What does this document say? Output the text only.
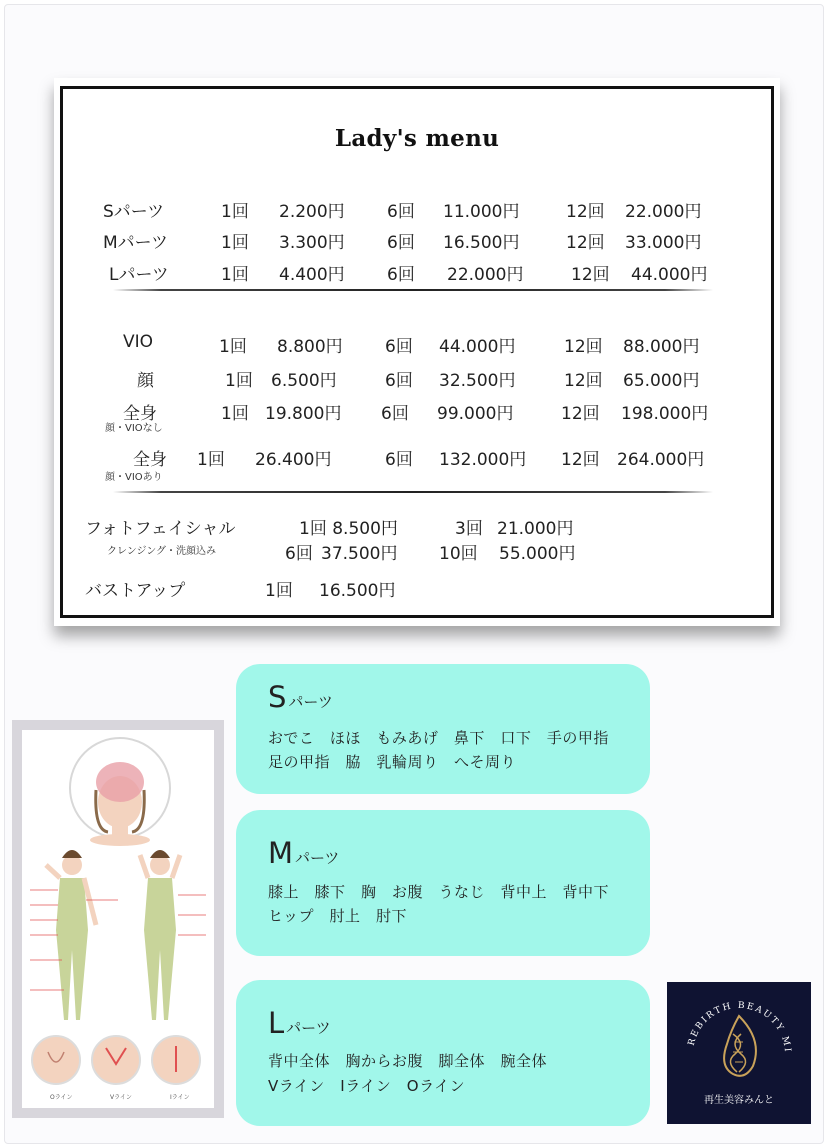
Lady's menu
Sパーツ	1回 2.200円 6回 11.000円	12回 22.000円
Mパーツ	1回 3.300円 6回 16.500円	12回 33.000円
Lパーツ	1回 4.400円 6回 22.000円	12回 44.000円
VIO	1回 8.800円 6回 44.000円	12回 88.000円
顔	1回 6.500円	6回 32.500円	12回 65.000円
全身	1回 19.800円 6回 99.000円	12回 198.000円
顔・VIOなし
全身 1回 26.400円	6回 132.000円 12回 264.000円
顔・VIOあり
フォトフェイシャル	1回 8.500円	3回 21.000円
クレンジング・洗顔込み	6回 37.500円 10回 55.000円
バストアップ	1回 16.500円
Sパーツ
おでこ　ほほ　もみあげ　鼻下　口下　手の甲指
足の甲指　脇　乳輪周り　へそ周り
Mパーツ
膝上　膝下　胸　お腹　うなじ　背中上　背中下
ヒップ　肘上　肘下
Lパーツ
背中全体　胸からお腹　脚全体　腕全体
Vライン　Iライン　Oライン
Oライン	Vライン	Iライン
REBIRTH BEAUTY MI
再生美容みんと
